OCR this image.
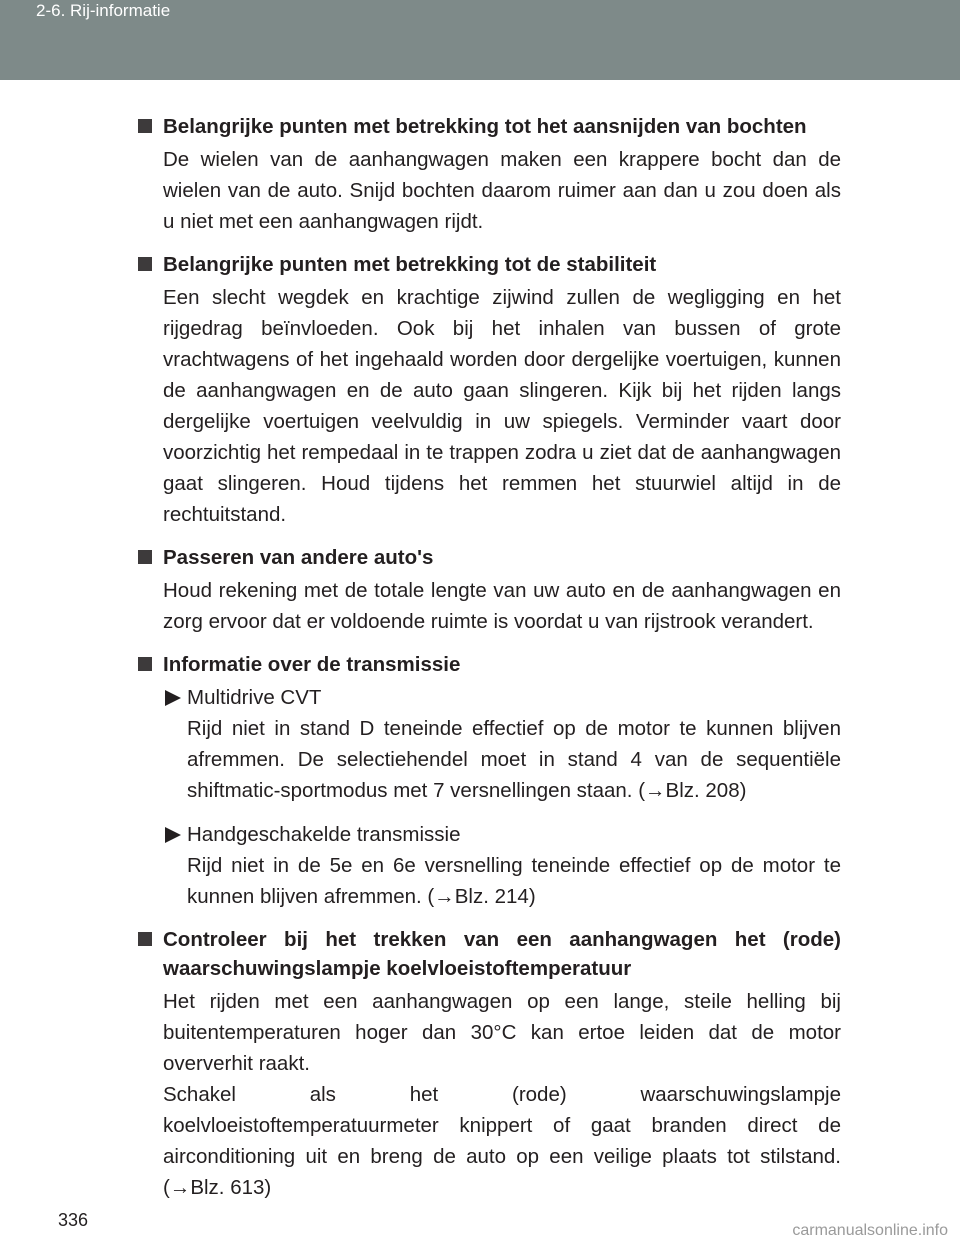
2-6. Rij-informatie
Belangrijke punten met betrekking tot het aansnijden van bochten
De wielen van de aanhangwagen maken een krappere bocht dan de wielen van de auto. Snijd bochten daarom ruimer aan dan u zou doen als u niet met een aanhangwagen rijdt.
Belangrijke punten met betrekking tot de stabiliteit
Een slecht wegdek en krachtige zijwind zullen de wegligging en het rijgedrag beïnvloeden. Ook bij het inhalen van bussen of grote vrachtwagens of het ingehaald worden door dergelijke voertuigen, kunnen de aanhangwagen en de auto gaan slingeren. Kijk bij het rijden langs dergelijke voertuigen veelvuldig in uw spiegels. Verminder vaart door voorzichtig het rempedaal in te trappen zodra u ziet dat de aanhangwagen gaat slingeren. Houd tijdens het remmen het stuurwiel altijd in de rechtuitstand.
Passeren van andere auto's
Houd rekening met de totale lengte van uw auto en de aanhangwagen en zorg ervoor dat er voldoende ruimte is voordat u van rijstrook verandert.
Informatie over de transmissie
Multidrive CVT
Rijd niet in stand D teneinde effectief op de motor te kunnen blijven afremmen. De selectiehendel moet in stand 4 van de sequentiële shiftmatic-sportmodus met 7 versnellingen staan. (→Blz. 208)
Handgeschakelde transmissie
Rijd niet in de 5e en 6e versnelling teneinde effectief op de motor te kunnen blijven afremmen. (→Blz. 214)
Controleer bij het trekken van een aanhangwagen het (rode) waarschuwingslampje koelvloeistoftemperatuur
Het rijden met een aanhangwagen op een lange, steile helling bij buitentemperaturen hoger dan 30°C kan ertoe leiden dat de motor oververhit raakt.
Schakel als het (rode) waarschuwingslampje koelvloeistoftemperatuurmeter knippert of gaat branden direct de airconditioning uit en breng de auto op een veilige plaats tot stilstand. (→Blz. 613)
336
carmanualsonline.info
